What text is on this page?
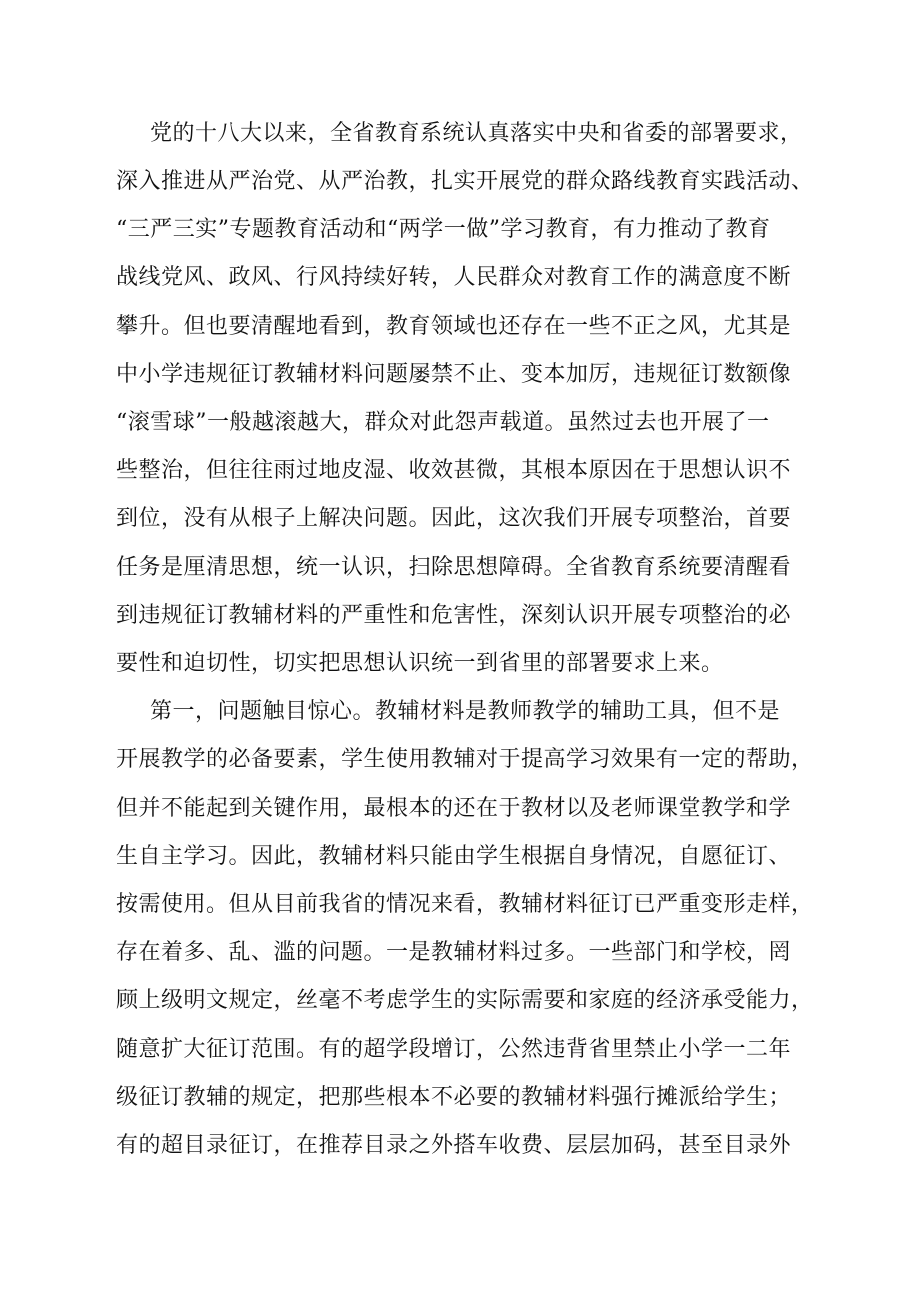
党的十八大以来，全省教育系统认真落实中央和省委的部署要求，
深入推进从严治党、从严治教，扎实开展党的群众路线教育实践活动、
“三严三实”专题教育活动和“两学一做”学习教育，有力推动了教育
战线党风、政风、行风持续好转，人民群众对教育工作的满意度不断
攀升。但也要清醒地看到，教育领域也还存在一些不正之风，尤其是
中小学违规征订教辅材料问题屡禁不止、变本加厉，违规征订数额像
“滚雪球”一般越滚越大，群众对此怨声载道。虽然过去也开展了一
些整治，但往往雨过地皮湿、收效甚微，其根本原因在于思想认识不
到位，没有从根子上解决问题。因此，这次我们开展专项整治，首要
任务是厘清思想，统一认识，扫除思想障碍。全省教育系统要清醒看
到违规征订教辅材料的严重性和危害性，深刻认识开展专项整治的必
要性和迫切性，切实把思想认识统一到省里的部署要求上来。
第一，问题触目惊心。教辅材料是教师教学的辅助工具，但不是
开展教学的必备要素，学生使用教辅对于提高学习效果有一定的帮助，
但并不能起到关键作用，最根本的还在于教材以及老师课堂教学和学
生自主学习。因此，教辅材料只能由学生根据自身情况，自愿征订、
按需使用。但从目前我省的情况来看，教辅材料征订已严重变形走样，
存在着多、乱、滥的问题。一是教辅材料过多。一些部门和学校，罔
顾上级明文规定，丝毫不考虑学生的实际需要和家庭的经济承受能力，
随意扩大征订范围。有的超学段增订，公然违背省里禁止小学一二年
级征订教辅的规定，把那些根本不必要的教辅材料强行摊派给学生；
有的超目录征订，在推荐目录之外搭车收费、层层加码，甚至目录外
